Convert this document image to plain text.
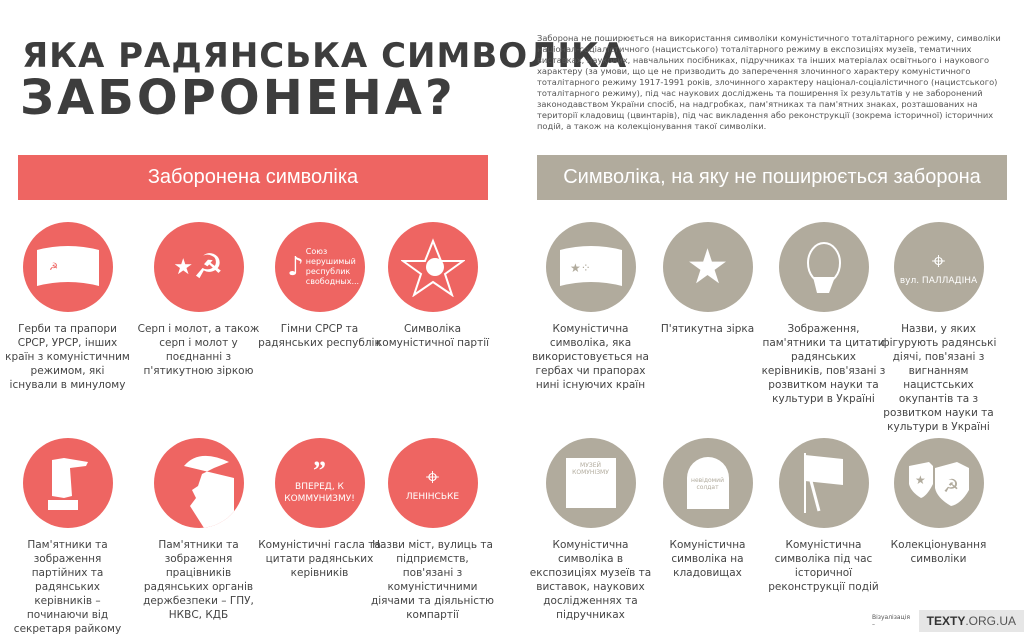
ЯКА РАДЯНСЬКА СИМВОЛІКА
ЗАБОРОНЕНА?

Заборона не поширюється на використання символіки комуністичного тоталітарного режиму, символіки націонал-соціалістичного (нацистського) тоталітарного режиму в експозиціях музеїв, тематичних виставках, наукових, навчальних посібниках, підручниках та інших матеріалах освітнього і наукового характеру (за умови, що це не призводить до заперечення злочинного характеру комуністичного тоталітарного режиму 1917-1991 років, злочинного характеру націонал-соціалістичного (нацистського) тоталітарного режиму), під час наукових досліджень та поширення їх результатів у не заборонений законодавством України спосіб, на надгробках, пам'ятниках та пам'ятних знаках, розташованих на території кладовищ (цвинтарів), під час викладення або реконструкції (зокрема історичної) історичних подій, а також на колекціонування такої символіки.

Заборонена символіка	Символіка, на яку не поширюється заборона
☭
Герби та прапори СРСР, УРСР, інших країн з комуністичним режимом, які існували в минулому
★ ☭
Серп і молот, а також серп і молот у поєднанні з п'ятикутною зіркою
♪
Союз нерушимый республик свободных...
Гімни СРСР та радянських республік
Символіка комуністичної партії
Пам'ятники та зображення партійних та радянських керівників – починаючи від секретаря райкому
Пам'ятники та зображення працівників радянських органів держбезпеки – ГПУ, НКВС, КДБ
”
ВПЕРЕД, К КОММУНИЗМУ!
Комуністичні гасла та цитати радянських керівників
⌖
ЛЕНІНСЬКЕ
Назви міст, вулиць та підприємств, пов'язані з комуністичними діячами та діяльністю компартії
★⁘
Комуністична символіка, яка використовується на гербах чи прапорах нині існуючих країн
★
П'ятикутна зірка	Зображення, пам'ятники та цитати радянських керівників, пов'язані з розвитком науки та культури в Україні
⌖
вул. ПАЛЛАДІНА
Назви, у яких фігурують радянські діячі, пов'язані з вигнанням нацистських окупантів та з розвитком науки та культури в Україні
МУЗЕЙ КОМУНІЗМУ
Комуністична символіка в експозиціях музеїв та виставок, наукових дослідженнях та підручниках
невідомий солдат
Комуністична символіка на кладовищах
Комуністична символіка під час історичної реконструкції подій
★ ☭
Колекціонування символіки
Візуалізація –	TEXTY.ORG.UA
